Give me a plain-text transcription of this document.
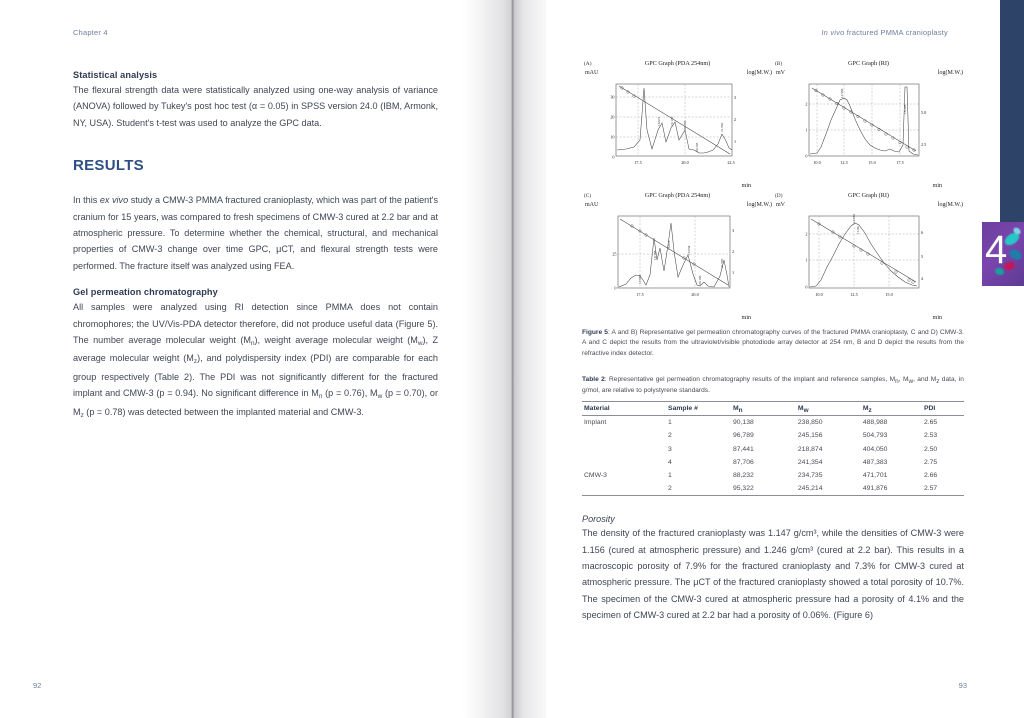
Chapter 4
Statistical analysis

The flexural strength data were statistically analyzed using one-way analysis of variance (ANOVA) followed by Tukey's post hoc test (α = 0.05) in SPSS version 24.0 (IBM, Armonk, NY, USA). Student's t-test was used to analyze the GPC data.

RESULTS

In this ex vivo study a CMW-3 PMMA fractured cranioplasty, which was part of the patient's cranium for 15 years, was compared to fresh specimens of CMW-3 cured at 2.2 bar and at atmospheric pressure. To determine whether the chemical, structural, and mechanical properties of CMW-3 change over time GPC, μCT, and flexural strength tests were performed. The fracture itself was analyzed using FEA.

Gel permeation chromatography

All samples were analyzed using RI detection since PMMA does not contain chromophores; the UV/Vis-PDA detector therefore, did not produce useful data (Figure 5). The number average molecular weight $(M_n)$, weight average molecular weight $(M_w)$, Z average molecular weight $(M_z)$, and polydispersity index (PDI) are comparable for each group respectively (Table 2). The PDI was not significantly different for the fractured implant and CMW-3 (p = 0.94). No significant difference in $M_n$ (p = 0.76), $M_w$ (p = 0.70), or $M_z$ (p = 0.78) was detected between the implanted material and CMW-3.

92
In vivo fractured PMMA cranioplasty
(A)	GPC Graph (PDA 254nm)
mAU	log(M.W.)
min
18.672	19.130	20.205
20.743
21.982
0
10
20
30
1
2
3
17.5	20.0	22.5
(B)	GPC Graph (RI)
mV	log(M.W.)
min
12.568
18.128
0
1
2
2.5
5.0
10.0	12.5	15.0	17.5
(C)	GPC Graph (PDA 254nm)
mAU	log(M.W.)
min
17.688
18.188
18.678
19.634
20.198
21.595
0
25
1
2
3
17.5	20.0
(D)	GPC Graph (RI)
mV	log(M.W.)
min
12.682
12.84
0
1
2
4
5
6
10.0	12.5	15.0
Figure 5: A and B) Representative gel permeation chromatography curves of the fractured PMMA cranioplasty, C and D) CMW-3. A and C depict the results from the ultraviolet/visible photodiode array detector at 254 nm, B and D depict the results from the refractive index detector.
Table 2: Representative gel permeation chromatography results of the implant and reference samples, $M_n$, $M_w$, and $M_z$ data, in g/mol, are relative to polystyrene standards.
Material	Sample #	$M_n$	$M_w$	$M_z$	PDI
Implant	1	90,138	238,850	488,988	2.65
	2	96,789	245,156	504,793	2.53
	3	87,441	218,874	404,050	2.50
	4	87,706	241,354	487,383	2.75
CMW-3	1	88,232	234,735	471,701	2.66
	2	95,322	245,214	491,876	2.57
Porosity

The density of the fractured cranioplasty was 1.147 g/cm³, while the densities of CMW-3 were 1.156 (cured at atmospheric pressure) and 1.246 g/cm³ (cured at 2.2 bar). This results in a macroscopic porosity of 7.9% for the fractured cranioplasty and 7.3% for CMW-3 cured at atmospheric pressure. The μCT of the fractured cranioplasty showed a total porosity of 10.7%. The specimen of the CMW-3 cured at atmospheric pressure had a porosity of 4.1% and the specimen of CMW-3 cured at 2.2 bar had a porosity of 0.06%. (Figure 6)

93
4
